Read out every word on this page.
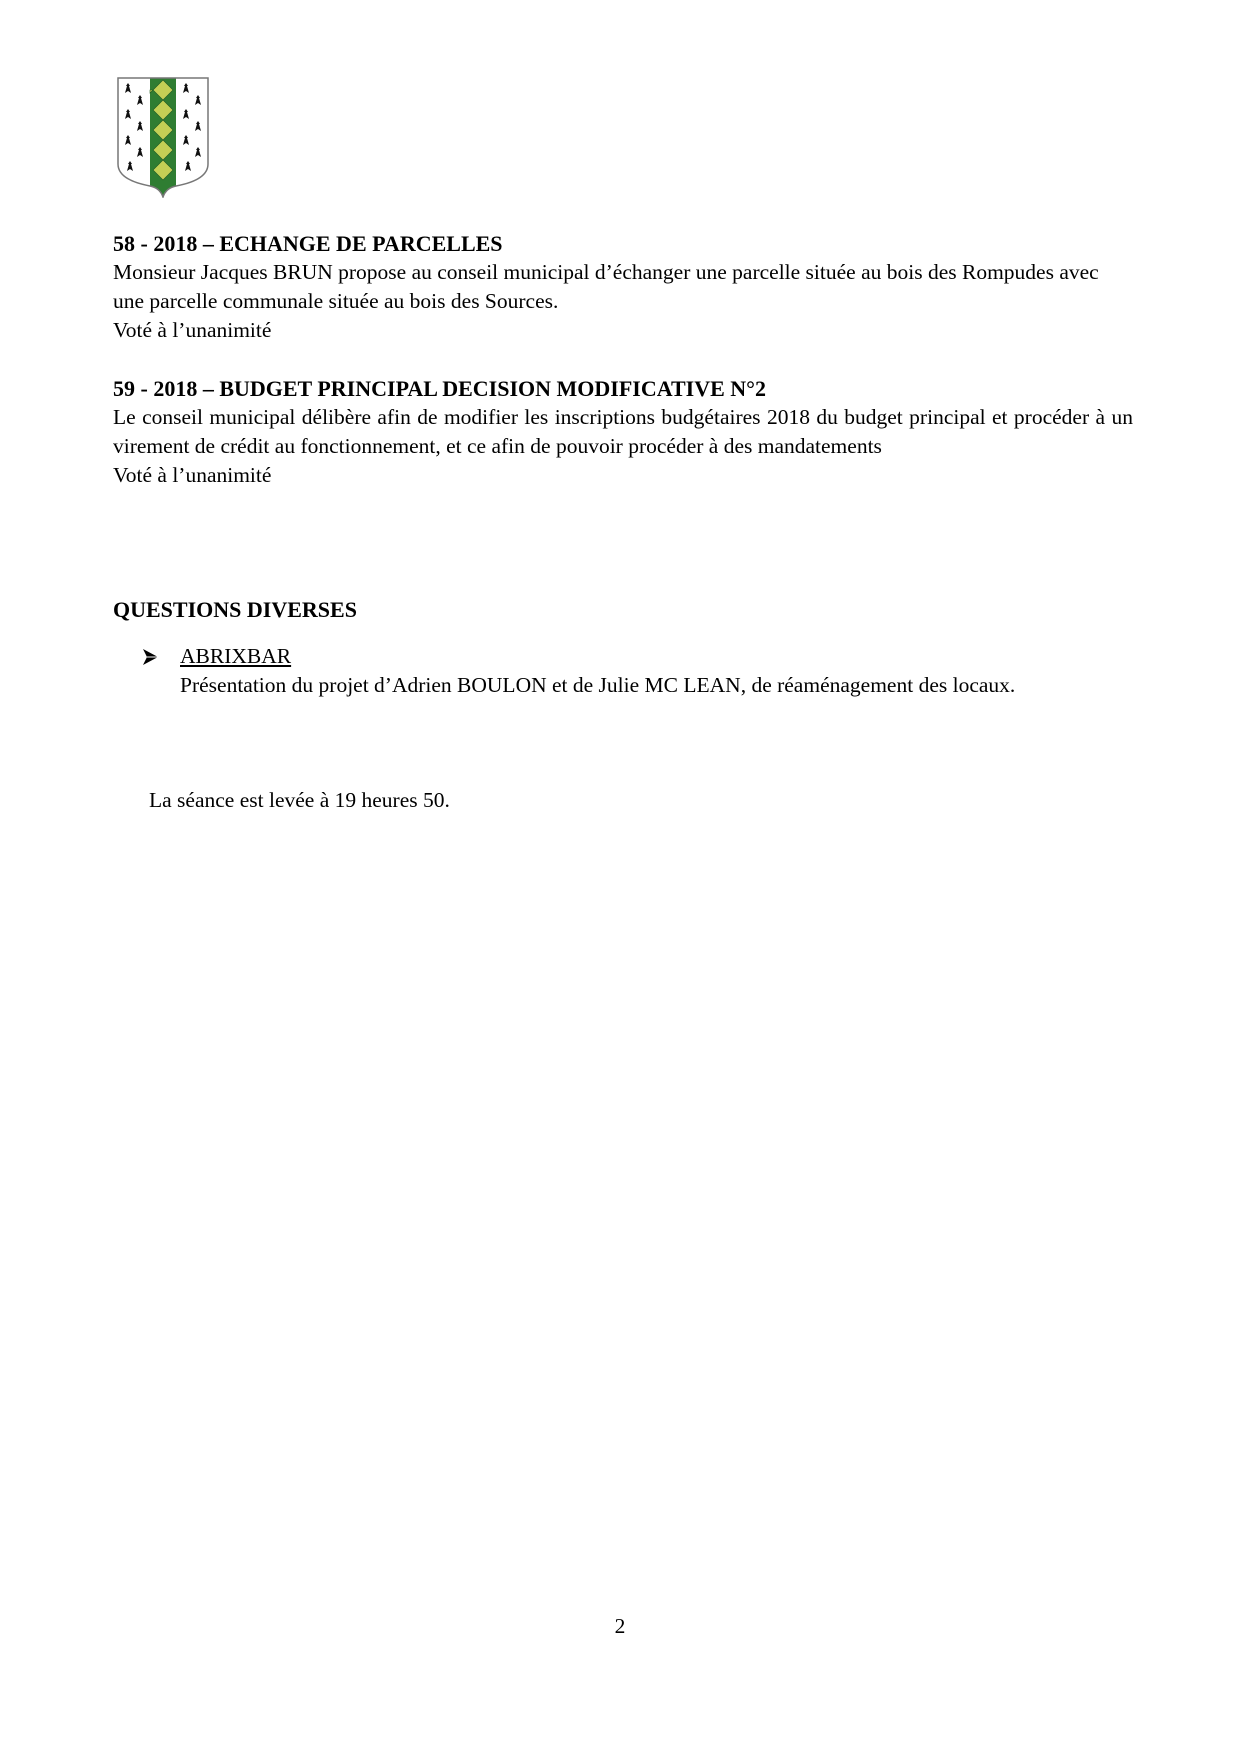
58 - 2018 – ECHANGE DE PARCELLES

Monsieur Jacques BRUN propose au conseil municipal d’échanger une parcelle située au bois des Rompudes avec une parcelle communale située au bois des Sources.

Voté à l’unanimité

59 - 2018 – BUDGET PRINCIPAL DECISION MODIFICATIVE N°2

Le conseil municipal délibère afin de modifier les inscriptions budgétaires 2018 du budget principal et procéder à un virement de crédit au fonctionnement, et ce afin de pouvoir procéder à des mandatements

Voté à l’unanimité

QUESTIONS DIVERSES
ABRIXBAR
Présentation du projet d’Adrien BOULON et de Julie MC LEAN, de réaménagement des locaux.

La séance est levée à 19 heures 50.

2
